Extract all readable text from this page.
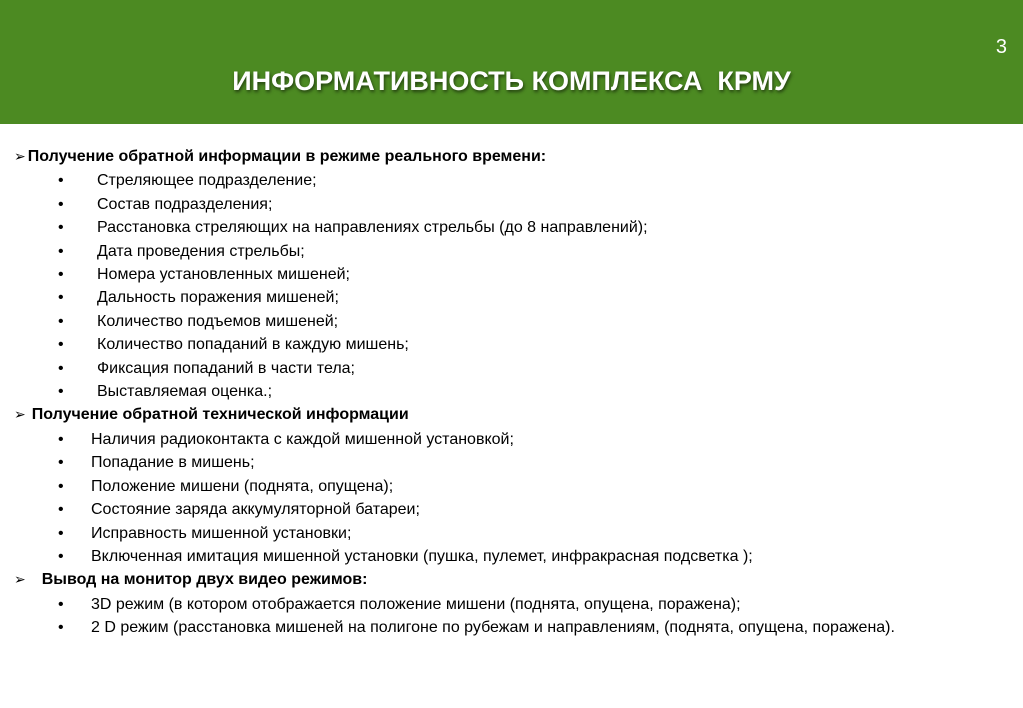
3
ИНФОРМАТИВНОСТЬ КОМПЛЕКСА  КРМУ
➢ Получение обратной информации в режиме реального времени:
•	Стреляющее подразделение;
•	Состав подразделения;
•	Расстановка стреляющих на направлениях стрельбы (до 8 направлений);
•	Дата проведения стрельбы;
•	Номера установленных мишеней;
•	Дальность поражения мишеней;
•	Количество подъемов мишеней;
•	Количество попаданий в каждую мишень;
•	Фиксация попаданий в части тела;
•	Выставляемая оценка.;
➢ Получение обратной технической информации
•	Наличия радиоконтакта с каждой мишенной установкой;
•	Попадание в мишень;
•	Положение мишени (поднята, опущена);
•	Состояние заряда аккумуляторной батареи;
•	Исправность мишенной установки;
•	Включенная имитация мишенной установки (пушка, пулемет, инфракрасная подсветка );
➢ Вывод на монитор двух видео режимов:
•	3D режим (в котором отображается положение мишени (поднята, опущена, поражена);
•	2 D режим (расстановка мишеней на полигоне по рубежам и направлениям, (поднята, опущена, поражена).
